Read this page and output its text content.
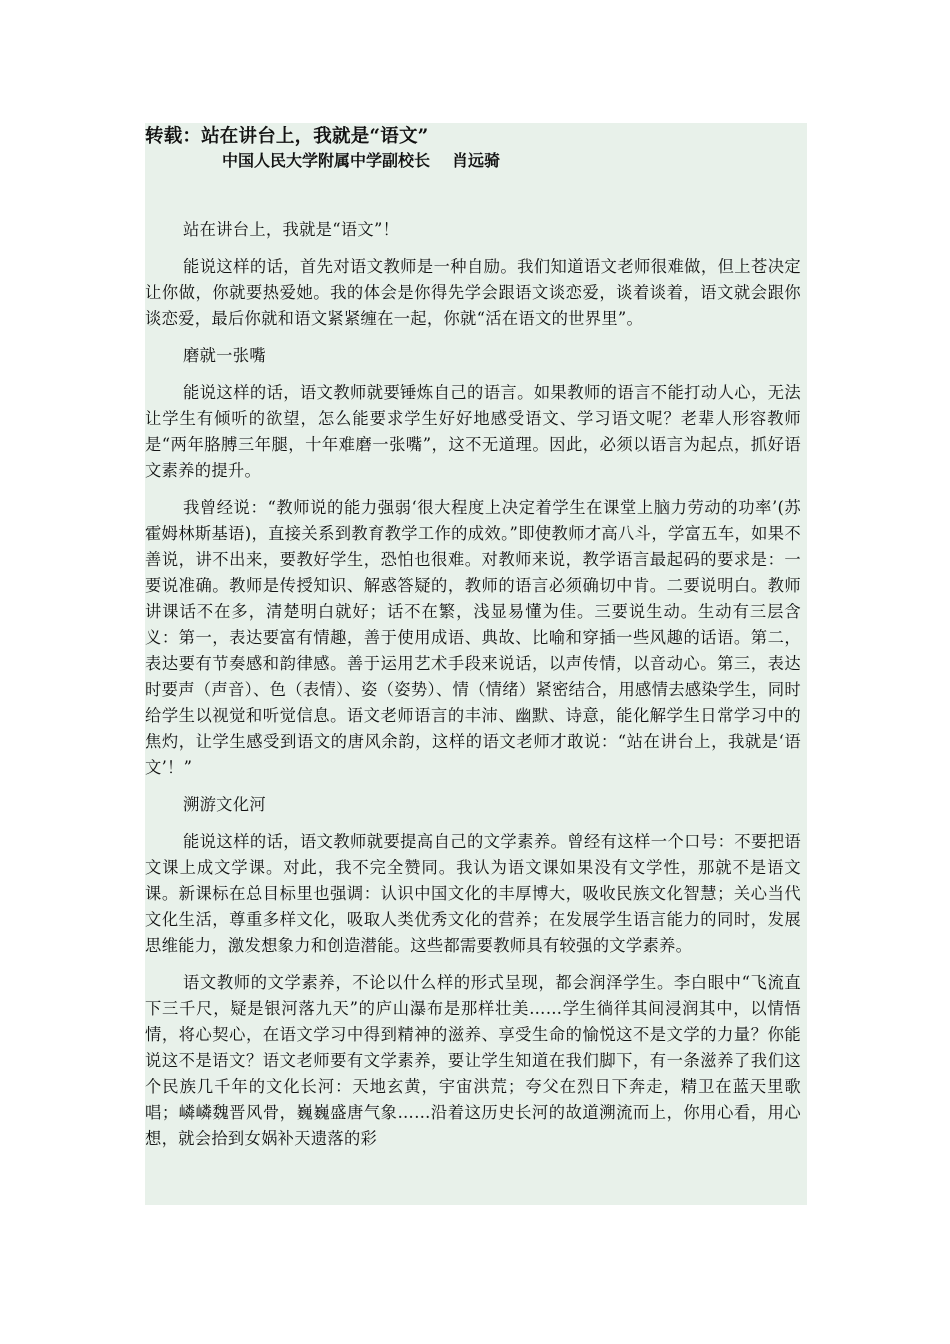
转载：站在讲台上，我就是“语文”
中国人民大学附属中学副校长 肖远骑

站在讲台上，我就是“语文”！

能说这样的话，首先对语文教师是一种自励。我们知道语文老师很难做，但上苍决定让你做，你就要热爱她。我的体会是你得先学会跟语文谈恋爱，谈着谈着，语文就会跟你谈恋爱，最后你就和语文紧紧缠在一起，你就“活在语文的世界里”。

磨就一张嘴

能说这样的话，语文教师就要锤炼自己的语言。如果教师的语言不能打动人心，无法让学生有倾听的欲望，怎么能要求学生好好地感受语文、学习语文呢？老辈人形容教师是“两年胳膊三年腿，十年难磨一张嘴”，这不无道理。因此，必须以语言为起点，抓好语文素养的提升。

我曾经说：“教师说的能力强弱‘很大程度上决定着学生在课堂上脑力劳动的功率’(苏霍姆林斯基语)，直接关系到教育教学工作的成效。”即使教师才高八斗，学富五车，如果不善说，讲不出来，要教好学生，恐怕也很难。对教师来说，教学语言最起码的要求是：一要说准确。教师是传授知识、解惑答疑的，教师的语言必须确切中肯。二要说明白。教师讲课话不在多，清楚明白就好；话不在繁，浅显易懂为佳。三要说生动。生动有三层含义：第一，表达要富有情趣，善于使用成语、典故、比喻和穿插一些风趣的话语。第二，表达要有节奏感和韵律感。善于运用艺术手段来说话，以声传情，以音动心。第三，表达时要声（声音）、色（表情）、姿（姿势）、情（情绪）紧密结合，用感情去感染学生，同时给学生以视觉和听觉信息。语文老师语言的丰沛、幽默、诗意，能化解学生日常学习中的焦灼，让学生感受到语文的唐风余韵，这样的语文老师才敢说：“站在讲台上，我就是‘语文’！”

溯游文化河

能说这样的话，语文教师就要提高自己的文学素养。曾经有这样一个口号：不要把语文课上成文学课。对此，我不完全赞同。我认为语文课如果没有文学性，那就不是语文课。新课标在总目标里也强调：认识中国文化的丰厚博大，吸收民族文化智慧；关心当代文化生活，尊重多样文化，吸取人类优秀文化的营养；在发展学生语言能力的同时，发展思维能力，激发想象力和创造潜能。这些都需要教师具有较强的文学素养。

语文教师的文学素养，不论以什么样的形式呈现，都会润泽学生。李白眼中“飞流直下三千尺，疑是银河落九天”的庐山瀑布是那样壮美……学生徜徉其间浸润其中，以情悟情，将心契心，在语文学习中得到精神的滋养、享受生命的愉悦这不是文学的力量？你能说这不是语文？语文老师要有文学素养，要让学生知道在我们脚下，有一条滋养了我们这个民族几千年的文化长河：天地玄黄，宇宙洪荒；夸父在烈日下奔走，精卫在蓝天里歌唱；嶙嶙魏晋风骨，巍巍盛唐气象……沿着这历史长河的故道溯流而上，你用心看，用心想，就会拾到女娲补天遗落的彩
